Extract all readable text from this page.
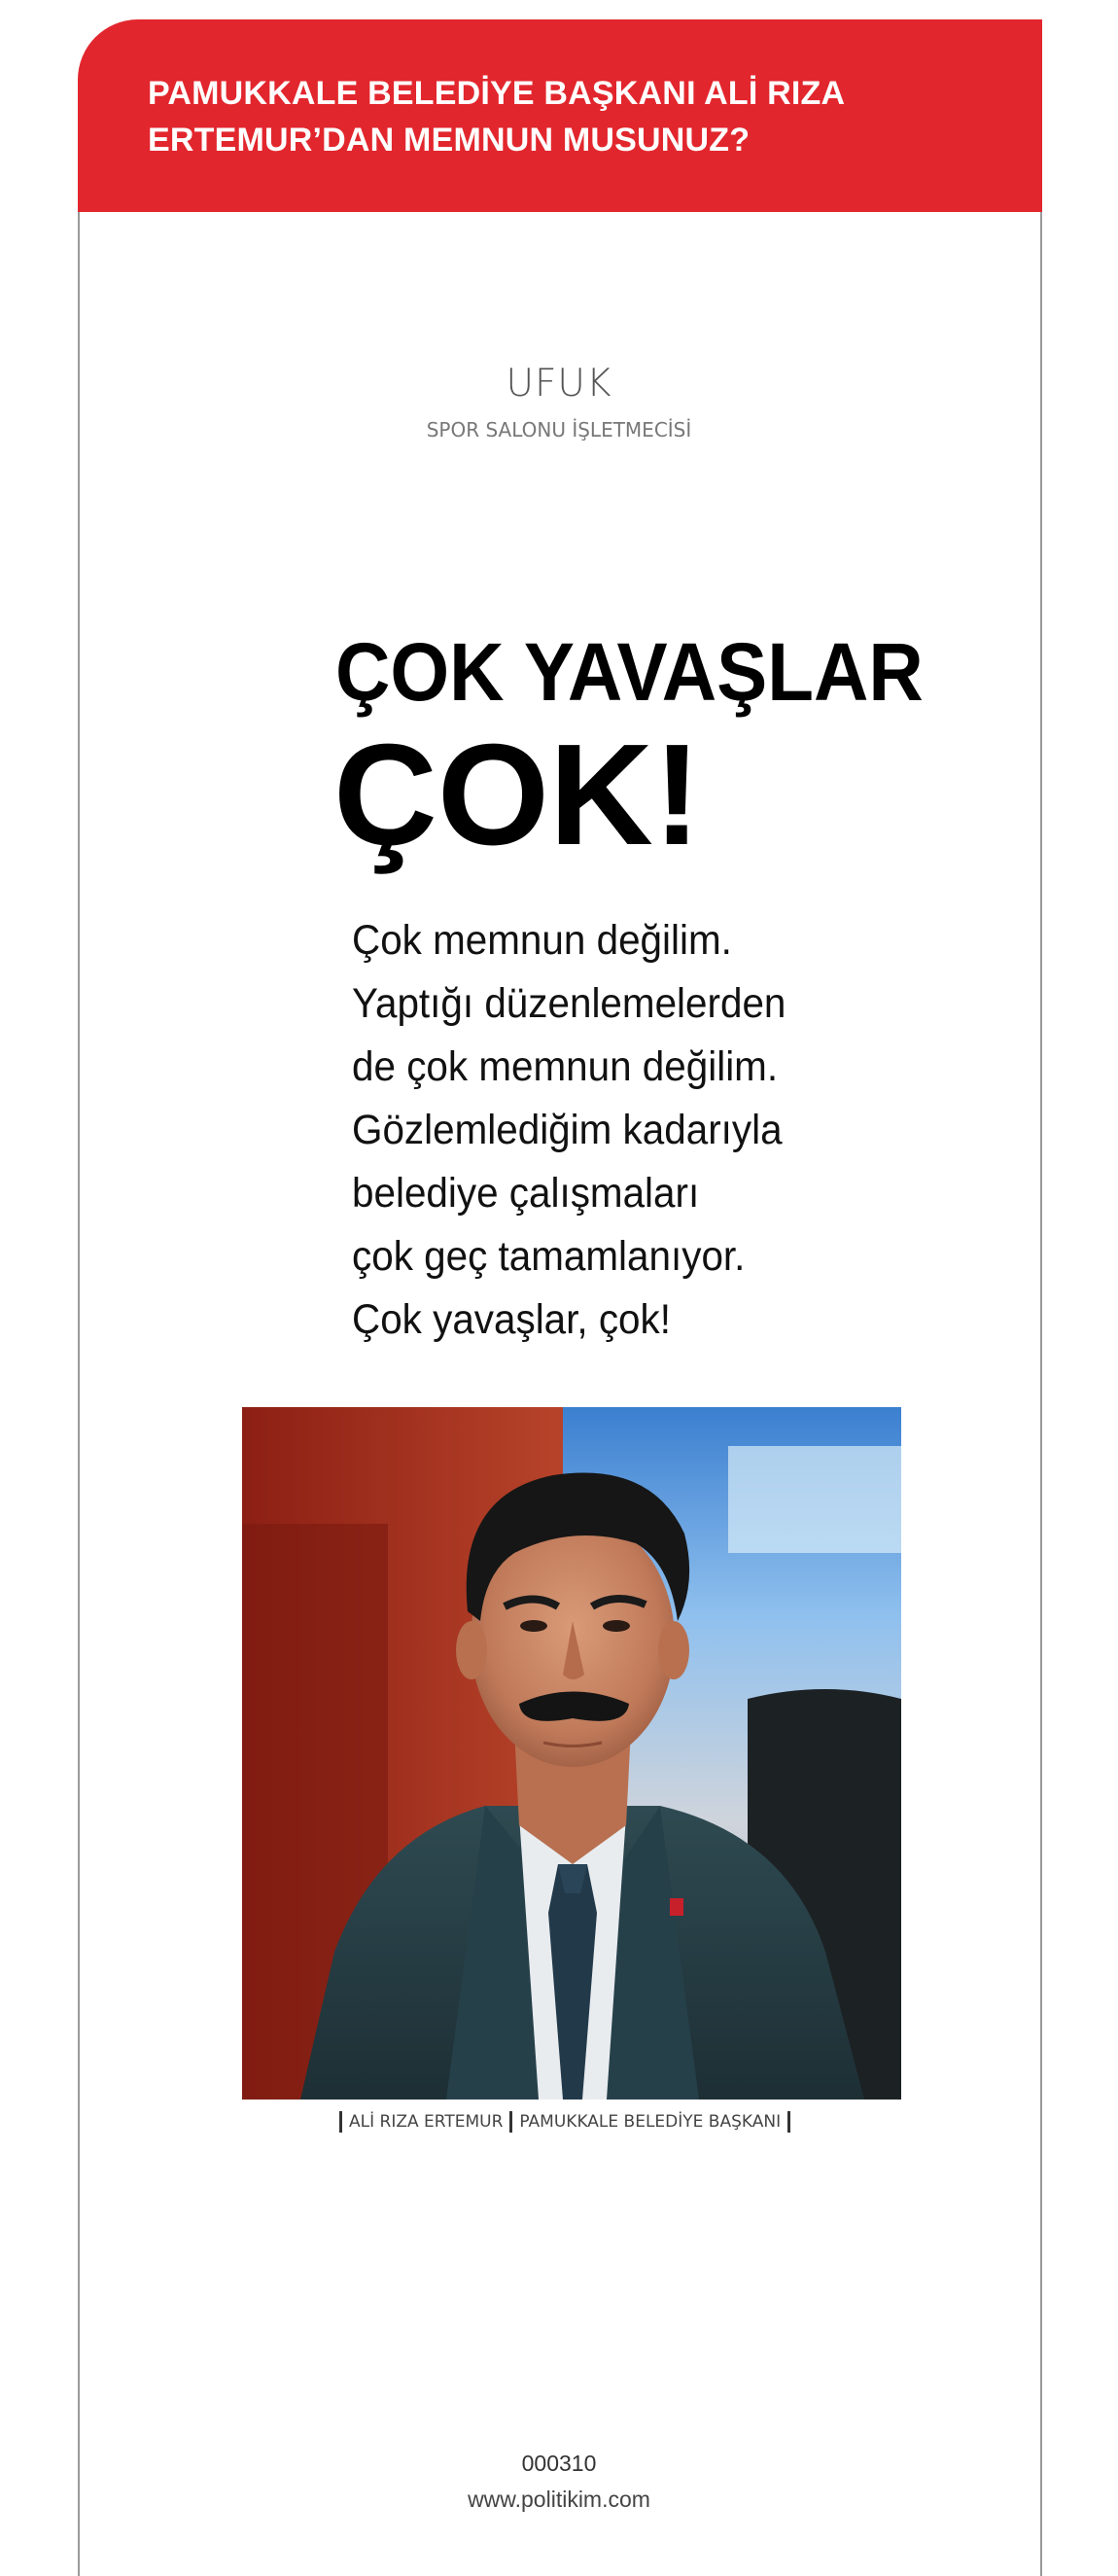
PAMUKKALE BELEDİYE BAŞKANI ALİ RIZA ERTEMUR’DAN MEMNUN MUSUNUZ?
UFUK
SPOR SALONU İŞLETMECİSİ
ÇOK YAVAŞLAR
ÇOK!

Çok memnun değilim.
Yaptığı düzenlemelerden
de çok memnun değilim.
Gözlemlediğim kadarıyla
belediye çalışmaları
çok geç tamamlanıyor.
Çok yavaşlar, çok!

ALİ RIZA ERTEMUR PAMUKKALE BELEDİYE BAŞKANI
000310
www.politikim.com
